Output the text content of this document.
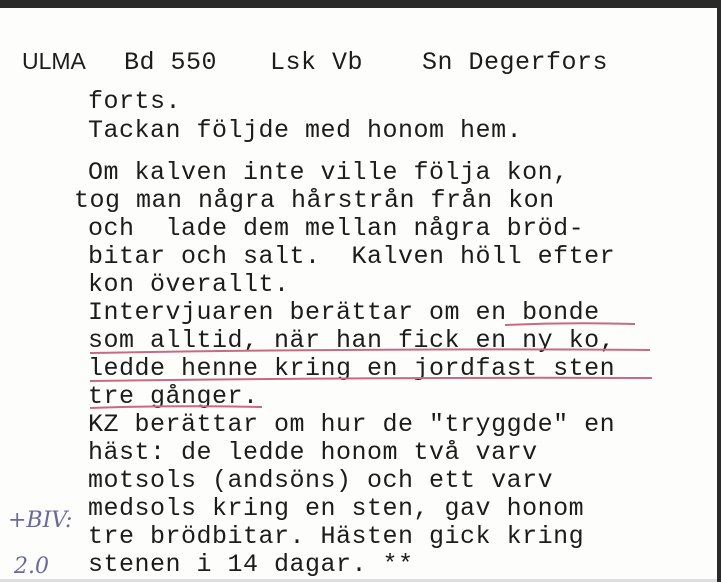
ULMA Bd 550 Lsk Vb Sn Degerfors
forts.
Tackan följde med honom hem.
Om kalven inte ville följa kon,
tog man några hårstrån från kon
och  lade dem mellan några bröd-
bitar och salt.  Kalven höll efter
kon överallt.
Intervjuaren berättar om en bonde
som alltid, när han fick en ny ko,
ledde henne kring en jordfast sten
tre gånger.
KZ berättar om hur de "tryggde" en
häst: de ledde honom två varv
motsols (andsöns) och ett varv
medsols kring en sten, gav honom
tre brödbitar. Hästen gick kring
stenen i 14 dagar. **
+BIV:
2.0
